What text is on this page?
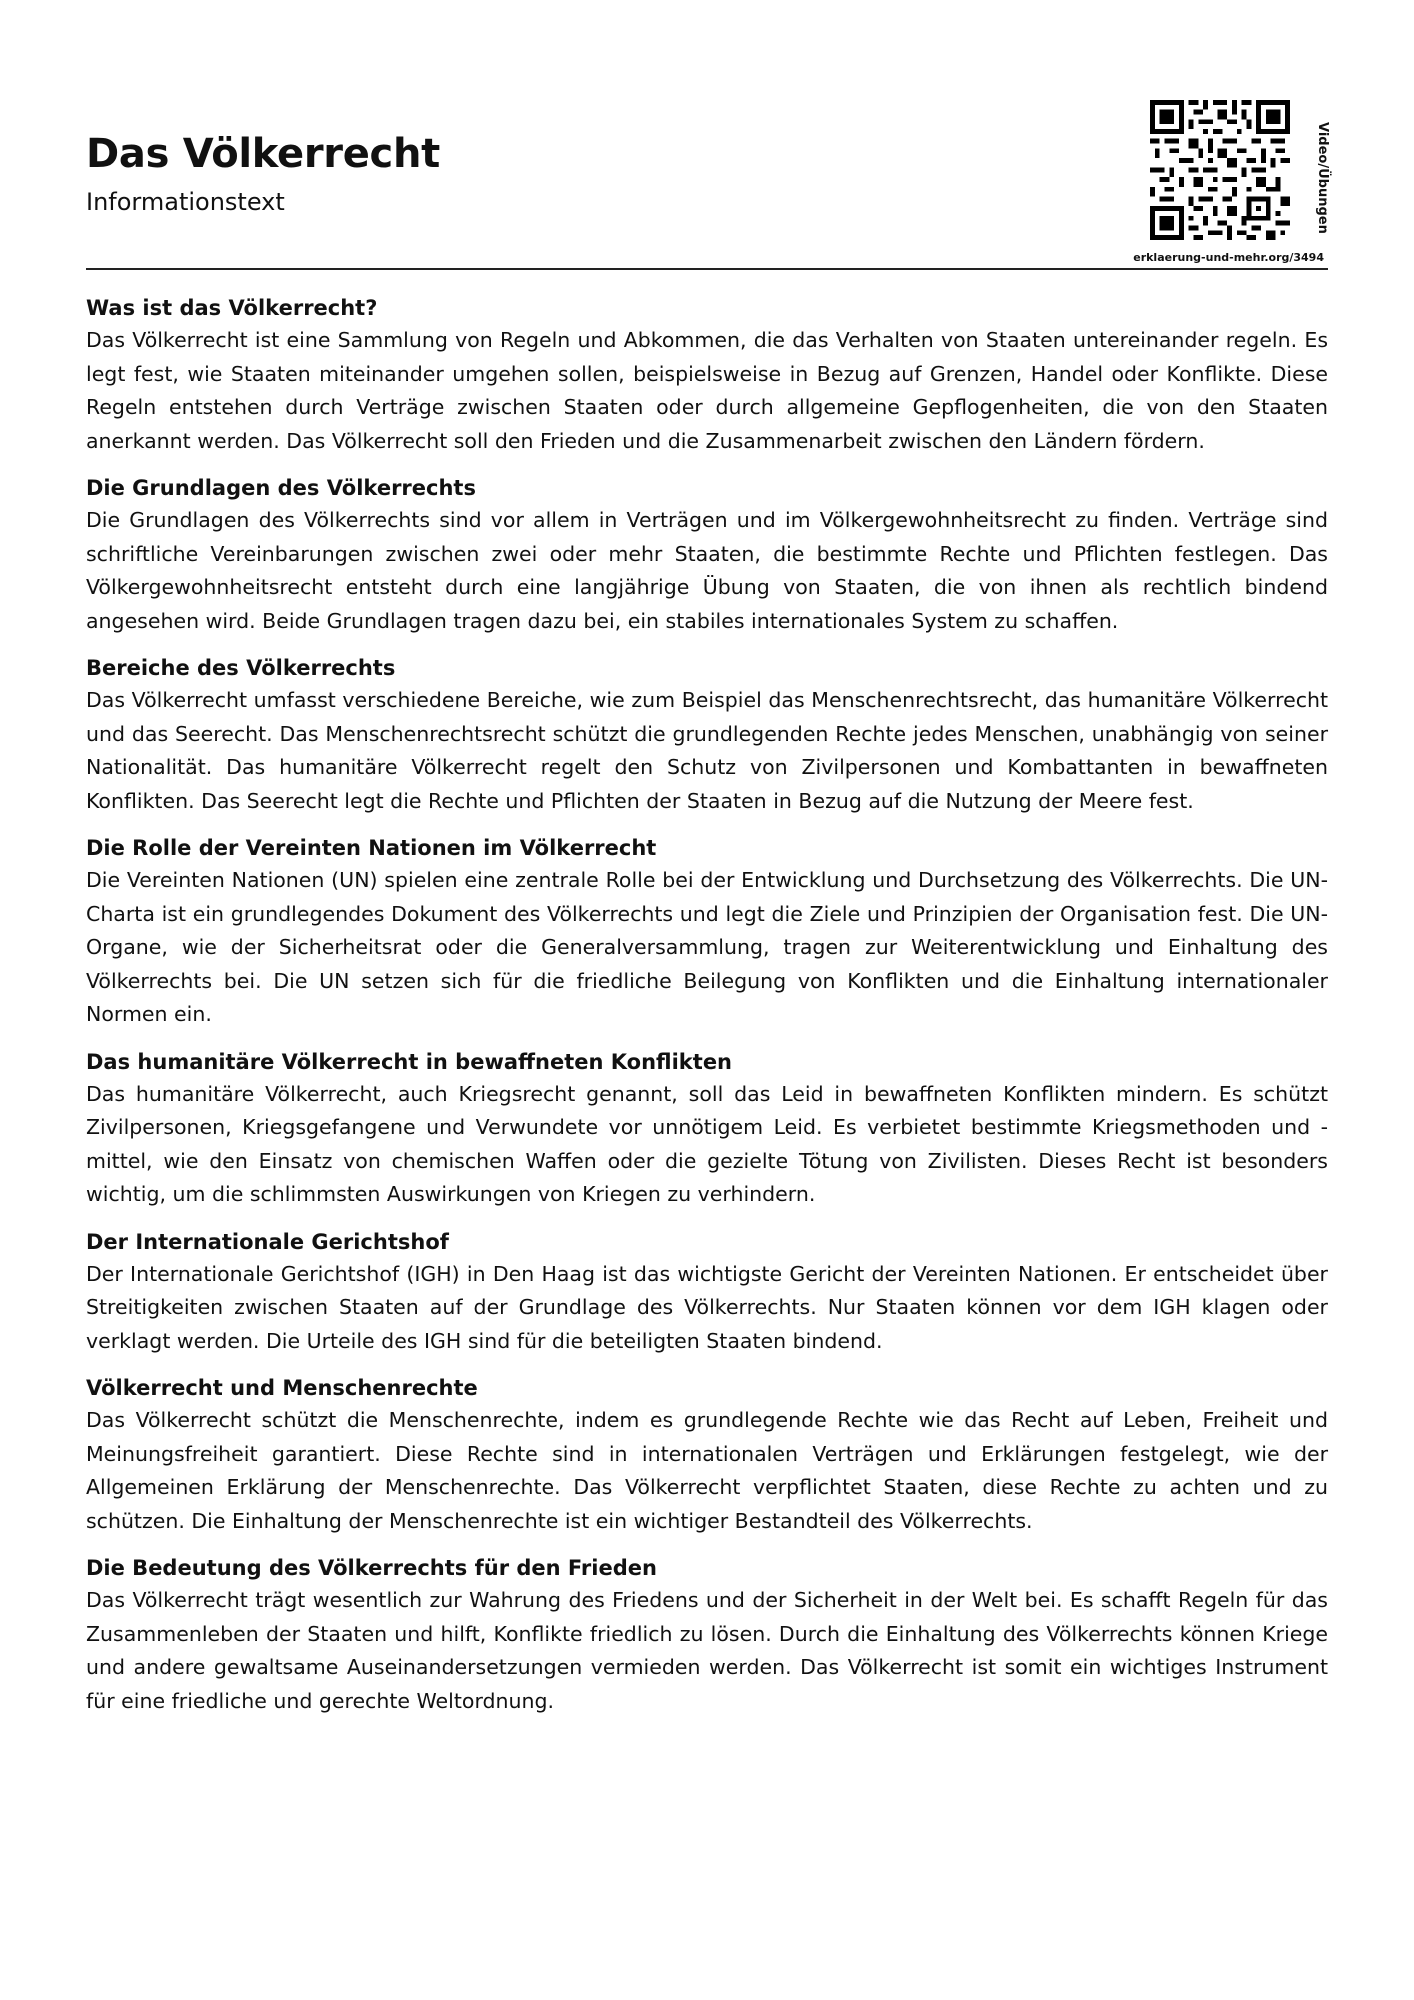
Das Völkerrecht
Informationstext	Video/Übungen
erklaerung-und-mehr.org/3494
Was ist das Völkerrecht?

Das Völkerrecht ist eine Sammlung von Regeln und Abkommen, die das Verhalten von Staaten untereinander regeln. Es legt fest, wie Staaten miteinander umgehen sollen, beispielsweise in Bezug auf Grenzen, Handel oder Konflikte. Diese Regeln entstehen durch Verträge zwischen Staaten oder durch allgemeine Gepflogenheiten, die von den Staaten anerkannt werden. Das Völkerrecht soll den Frieden und die Zusammenarbeit zwischen den Ländern fördern.

Die Grundlagen des Völkerrechts

Die Grundlagen des Völkerrechts sind vor allem in Verträgen und im Völkergewohnheitsrecht zu finden. Verträge sind schriftliche Vereinbarungen zwischen zwei oder mehr Staaten, die bestimmte Rechte und Pflichten festlegen. Das Völkergewohnheitsrecht entsteht durch eine langjährige Übung von Staaten, die von ihnen als rechtlich bindend angesehen wird. Beide Grundlagen tragen dazu bei, ein stabiles internationales System zu schaffen.

Bereiche des Völkerrechts

Das Völkerrecht umfasst verschiedene Bereiche, wie zum Beispiel das Menschenrechtsrecht, das humanitäre Völkerrecht und das Seerecht. Das Menschenrechtsrecht schützt die grundlegenden Rechte jedes Menschen, unabhängig von seiner Nationalität. Das humanitäre Völkerrecht regelt den Schutz von Zivilpersonen und Kombattanten in bewaffneten Konflikten. Das Seerecht legt die Rechte und Pflichten der Staaten in Bezug auf die Nutzung der Meere fest.

Die Rolle der Vereinten Nationen im Völkerrecht

Die Vereinten Nationen (UN) spielen eine zentrale Rolle bei der Entwicklung und Durchsetzung des Völkerrechts. Die UN-Charta ist ein grundlegendes Dokument des Völkerrechts und legt die Ziele und Prinzipien der Organisation fest. Die UN-Organe, wie der Sicherheitsrat oder die Generalversammlung, tragen zur Weiterentwicklung und Einhaltung des Völkerrechts bei. Die UN setzen sich für die friedliche Beilegung von Konflikten und die Einhaltung internationaler Normen ein.

Das humanitäre Völkerrecht in bewaffneten Konflikten

Das humanitäre Völkerrecht, auch Kriegsrecht genannt, soll das Leid in bewaffneten Konflikten mindern. Es schützt Zivilpersonen, Kriegsgefangene und Verwundete vor unnötigem Leid. Es verbietet bestimmte Kriegsmethoden und -mittel, wie den Einsatz von chemischen Waffen oder die gezielte Tötung von Zivilisten. Dieses Recht ist besonders wichtig, um die schlimmsten Auswirkungen von Kriegen zu verhindern.

Der Internationale Gerichtshof

Der Internationale Gerichtshof (IGH) in Den Haag ist das wichtigste Gericht der Vereinten Nationen. Er entscheidet über Streitigkeiten zwischen Staaten auf der Grundlage des Völkerrechts. Nur Staaten können vor dem IGH klagen oder verklagt werden. Die Urteile des IGH sind für die beteiligten Staaten bindend.

Völkerrecht und Menschenrechte

Das Völkerrecht schützt die Menschenrechte, indem es grundlegende Rechte wie das Recht auf Leben, Freiheit und Meinungsfreiheit garantiert. Diese Rechte sind in internationalen Verträgen und Erklärungen festgelegt, wie der Allgemeinen Erklärung der Menschenrechte. Das Völkerrecht verpflichtet Staaten, diese Rechte zu achten und zu schützen. Die Einhaltung der Menschenrechte ist ein wichtiger Bestandteil des Völkerrechts.

Die Bedeutung des Völkerrechts für den Frieden

Das Völkerrecht trägt wesentlich zur Wahrung des Friedens und der Sicherheit in der Welt bei. Es schafft Regeln für das Zusammenleben der Staaten und hilft, Konflikte friedlich zu lösen. Durch die Einhaltung des Völkerrechts können Kriege und andere gewaltsame Auseinandersetzungen vermieden werden. Das Völkerrecht ist somit ein wichtiges Instrument für eine friedliche und gerechte Weltordnung.
